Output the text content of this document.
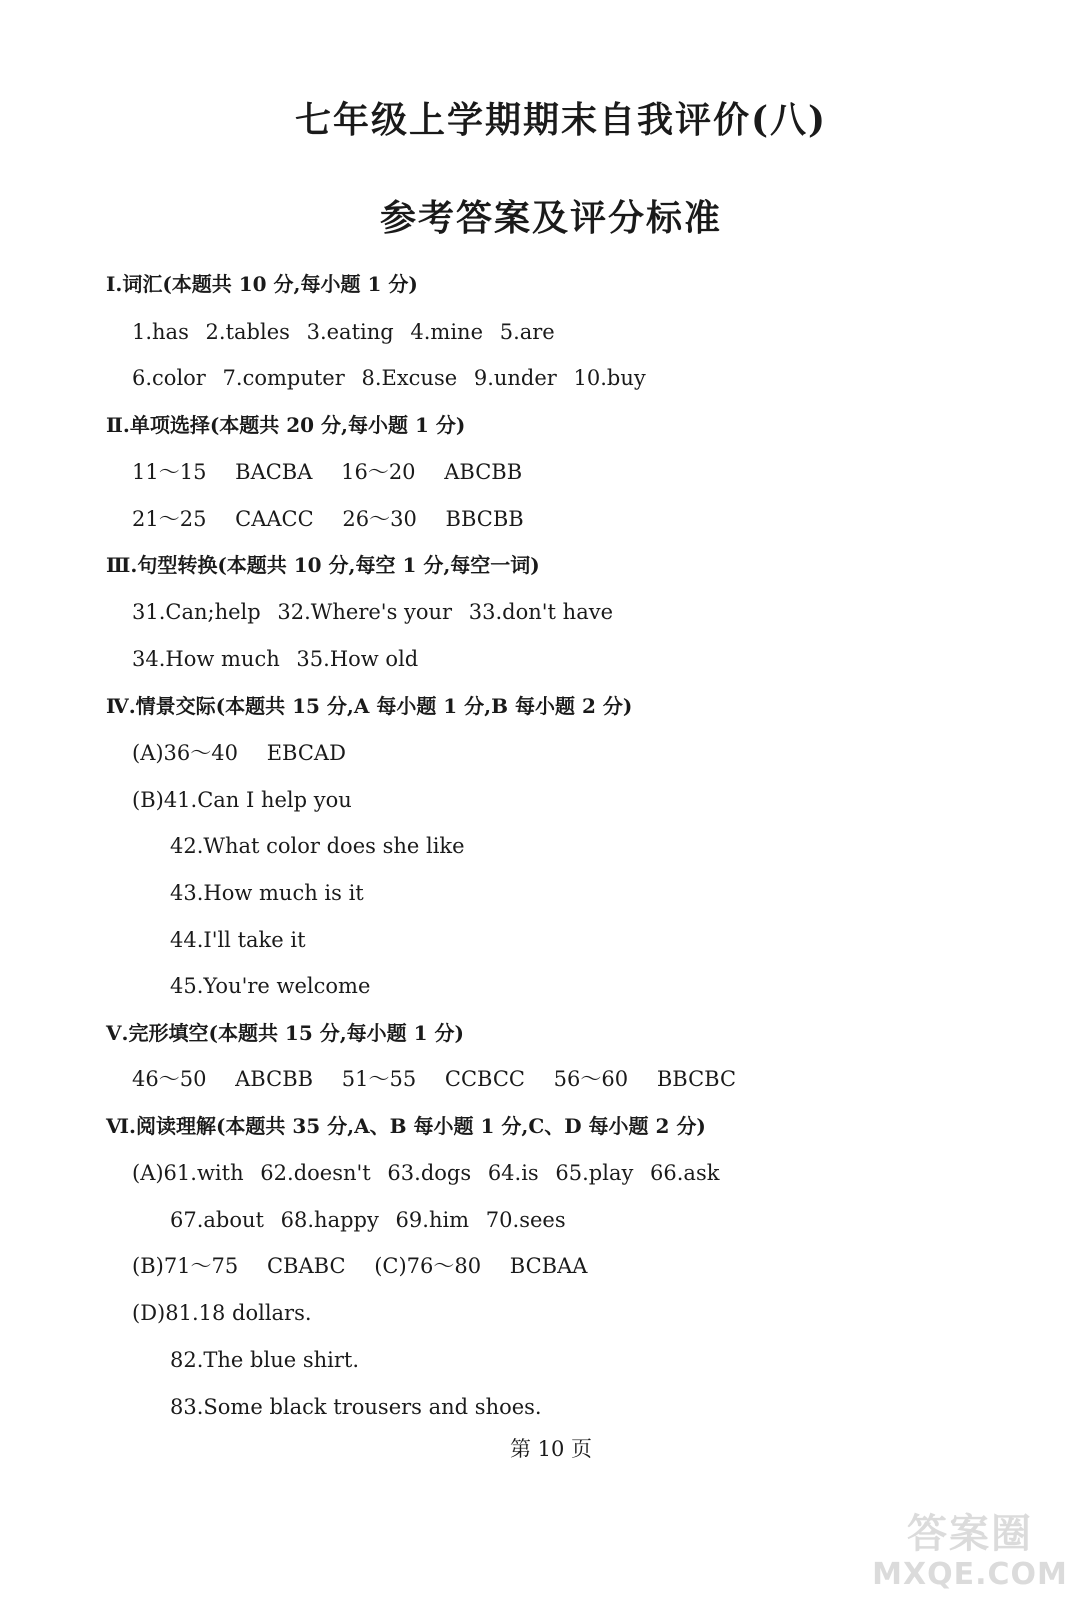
七年级上学期期末自我评价(八)
参考答案及评分标准
Ⅰ.词汇(本题共 10 分,每小题 1 分)
1.has 2.tables 3.eating 4.mine 5.are
6.color 7.computer 8.Excuse 9.under 10.buy
Ⅱ.单项选择(本题共 20 分,每小题 1 分)
11～15 BACBA 16～20 ABCBB
21～25 CAACC 26～30 BBCBB
Ⅲ.句型转换(本题共 10 分,每空 1 分,每空一词)
31.Can;help 32.Where's your 33.don't have
34.How much 35.How old
Ⅳ.情景交际(本题共 15 分,A 每小题 1 分,B 每小题 2 分)
(A)36～40 EBCAD
(B)41.Can I help you
42.What color does she like
43.How much is it
44.I'll take it
45.You're welcome
Ⅴ.完形填空(本题共 15 分,每小题 1 分)
46～50 ABCBB 51～55 CCBCC 56～60 BBCBC
Ⅵ.阅读理解(本题共 35 分,A、B 每小题 1 分,C、D 每小题 2 分)
(A)61.with 62.doesn't 63.dogs 64.is 65.play 66.ask
67.about 68.happy 69.him 70.sees
(B)71～75 CBABC (C)76～80 BCBAA
(D)81.18 dollars.
82.The blue shirt.
83.Some black trousers and shoes.
第 10 页
答案圈
MXQE.COM
